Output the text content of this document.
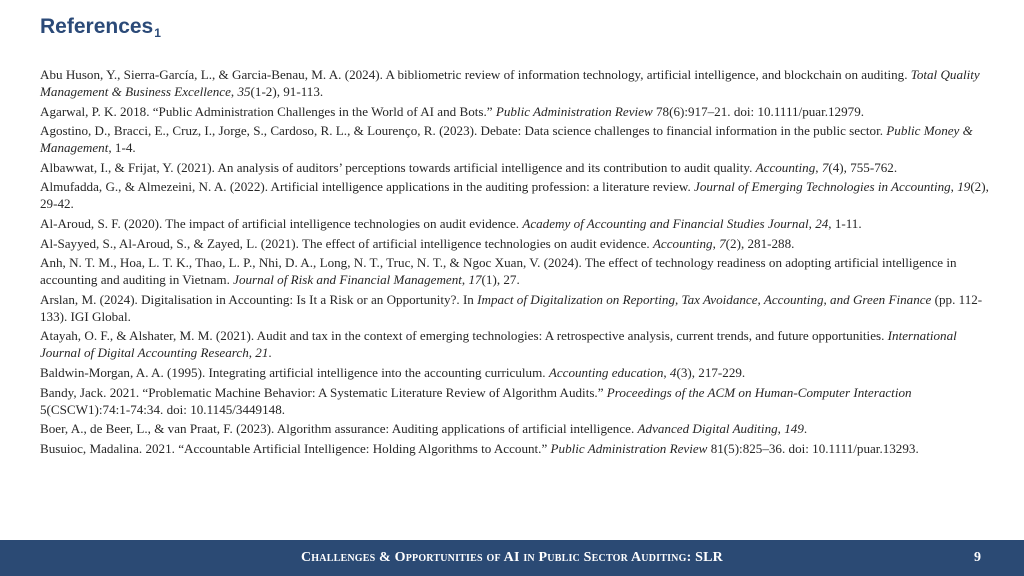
References$_1$
Abu Huson, Y., Sierra-García, L., & Garcia-Benau, M. A. (2024). A bibliometric review of information technology, artificial intelligence, and blockchain on auditing. Total Quality Management & Business Excellence, 35(1-2), 91-113.
Agarwal, P. K. 2018. “Public Administration Challenges in the World of AI and Bots.” Public Administration Review 78(6):917–21. doi: 10.1111/puar.12979.
Agostino, D., Bracci, E., Cruz, I., Jorge, S., Cardoso, R. L., & Lourenço, R. (2023). Debate: Data science challenges to financial information in the public sector. Public Money & Management, 1-4.
Albawwat, I., & Frijat, Y. (2021). An analysis of auditors’ perceptions towards artificial intelligence and its contribution to audit quality. Accounting, 7(4), 755-762.
Almufadda, G., & Almezeini, N. A. (2022). Artificial intelligence applications in the auditing profession: a literature review. Journal of Emerging Technologies in Accounting, 19(2), 29-42.
Al-Aroud, S. F. (2020). The impact of artificial intelligence technologies on audit evidence. Academy of Accounting and Financial Studies Journal, 24, 1-11.
Al-Sayyed, S., Al-Aroud, S., & Zayed, L. (2021). The effect of artificial intelligence technologies on audit evidence. Accounting, 7(2), 281-288.
Anh, N. T. M., Hoa, L. T. K., Thao, L. P., Nhi, D. A., Long, N. T., Truc, N. T., & Ngoc Xuan, V. (2024). The effect of technology readiness on adopting artificial intelligence in accounting and auditing in Vietnam. Journal of Risk and Financial Management, 17(1), 27.
Arslan, M. (2024). Digitalisation in Accounting: Is It a Risk or an Opportunity?. In Impact of Digitalization on Reporting, Tax Avoidance, Accounting, and Green Finance (pp. 112-133). IGI Global.
Atayah, O. F., & Alshater, M. M. (2021). Audit and tax in the context of emerging technologies: A retrospective analysis, current trends, and future opportunities. International Journal of Digital Accounting Research, 21.
Baldwin-Morgan, A. A. (1995). Integrating artificial intelligence into the accounting curriculum. Accounting education, 4(3), 217-229.
Bandy, Jack. 2021. “Problematic Machine Behavior: A Systematic Literature Review of Algorithm Audits.” Proceedings of the ACM on Human-Computer Interaction 5(CSCW1):74:1-74:34. doi: 10.1145/3449148.
Boer, A., de Beer, L., & van Praat, F. (2023). Algorithm assurance: Auditing applications of artificial intelligence. Advanced Digital Auditing, 149.
Busuioc, Madalina. 2021. “Accountable Artificial Intelligence: Holding Algorithms to Account.” Public Administration Review 81(5):825–36. doi: 10.1111/puar.13293.
Challenges & Opportunities of AI in Public Sector Auditing: SLR	9
